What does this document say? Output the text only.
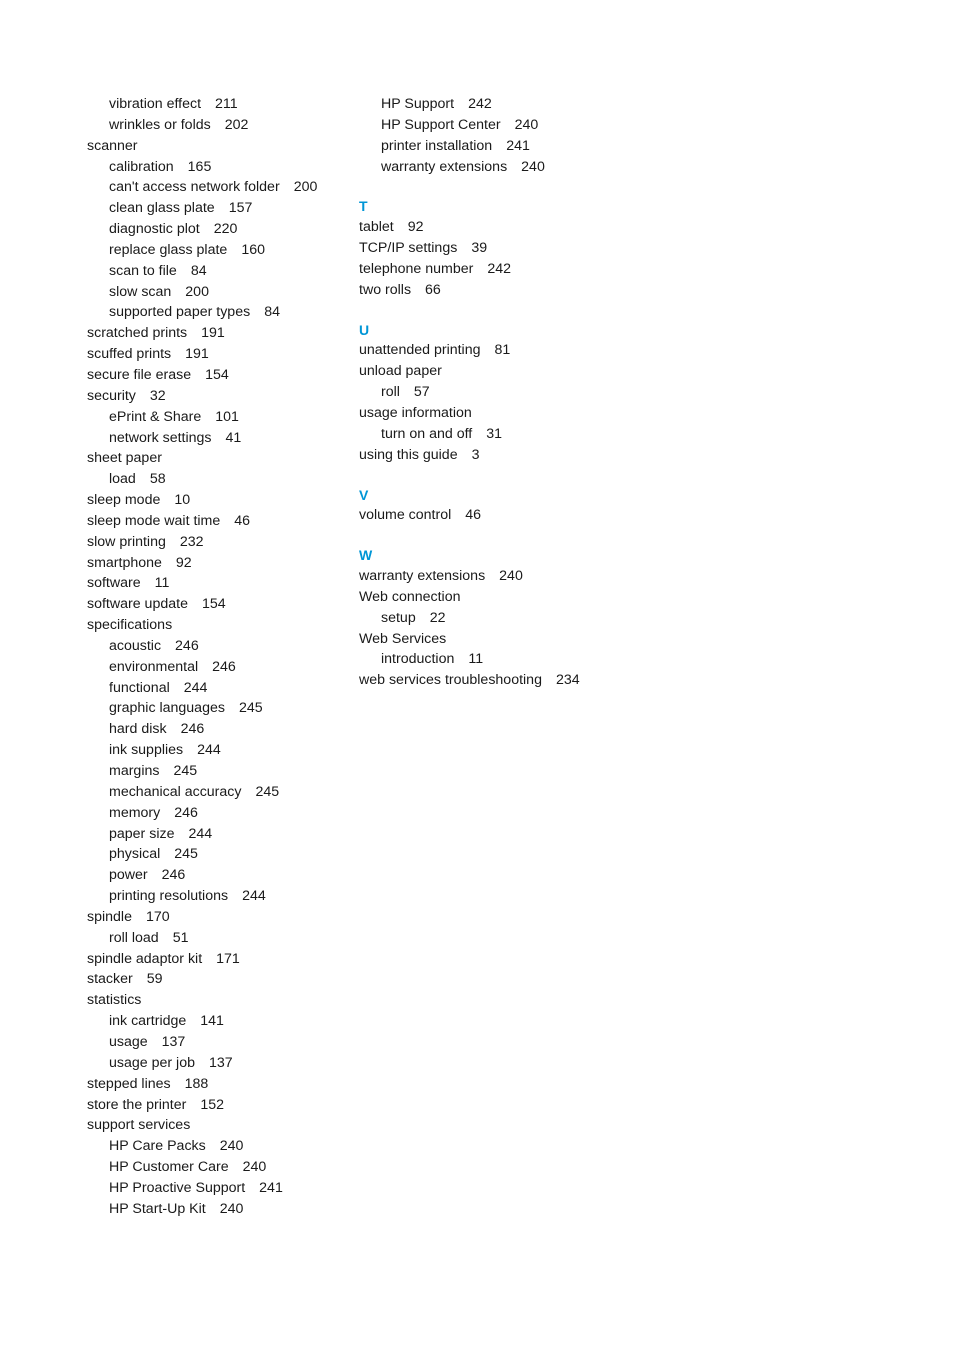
vibration effect 211
wrinkles or folds 202
scanner
calibration 165
can't access network folder 200
clean glass plate 157
diagnostic plot 220
replace glass plate 160
scan to file 84
slow scan 200
supported paper types 84
scratched prints 191
scuffed prints 191
secure file erase 154
security 32
ePrint & Share 101
network settings 41
sheet paper
load 58
sleep mode 10
sleep mode wait time 46
slow printing 232
smartphone 92
software 11
software update 154
specifications
acoustic 246
environmental 246
functional 244
graphic languages 245
hard disk 246
ink supplies 244
margins 245
mechanical accuracy 245
memory 246
paper size 244
physical 245
power 246
printing resolutions 244
spindle 170
roll load 51
spindle adaptor kit 171
stacker 59
statistics
ink cartridge 141
usage 137
usage per job 137
stepped lines 188
store the printer 152
support services
HP Care Packs 240
HP Customer Care 240
HP Proactive Support 241
HP Start-Up Kit 240
HP Support 242
HP Support Center 240
printer installation 241
warranty extensions 240
T
tablet 92
TCP/IP settings 39
telephone number 242
two rolls 66
U
unattended printing 81
unload paper
roll 57
usage information
turn on and off 31
using this guide 3
V
volume control 46
W
warranty extensions 240
Web connection
setup 22
Web Services
introduction 11
web services troubleshooting 234
